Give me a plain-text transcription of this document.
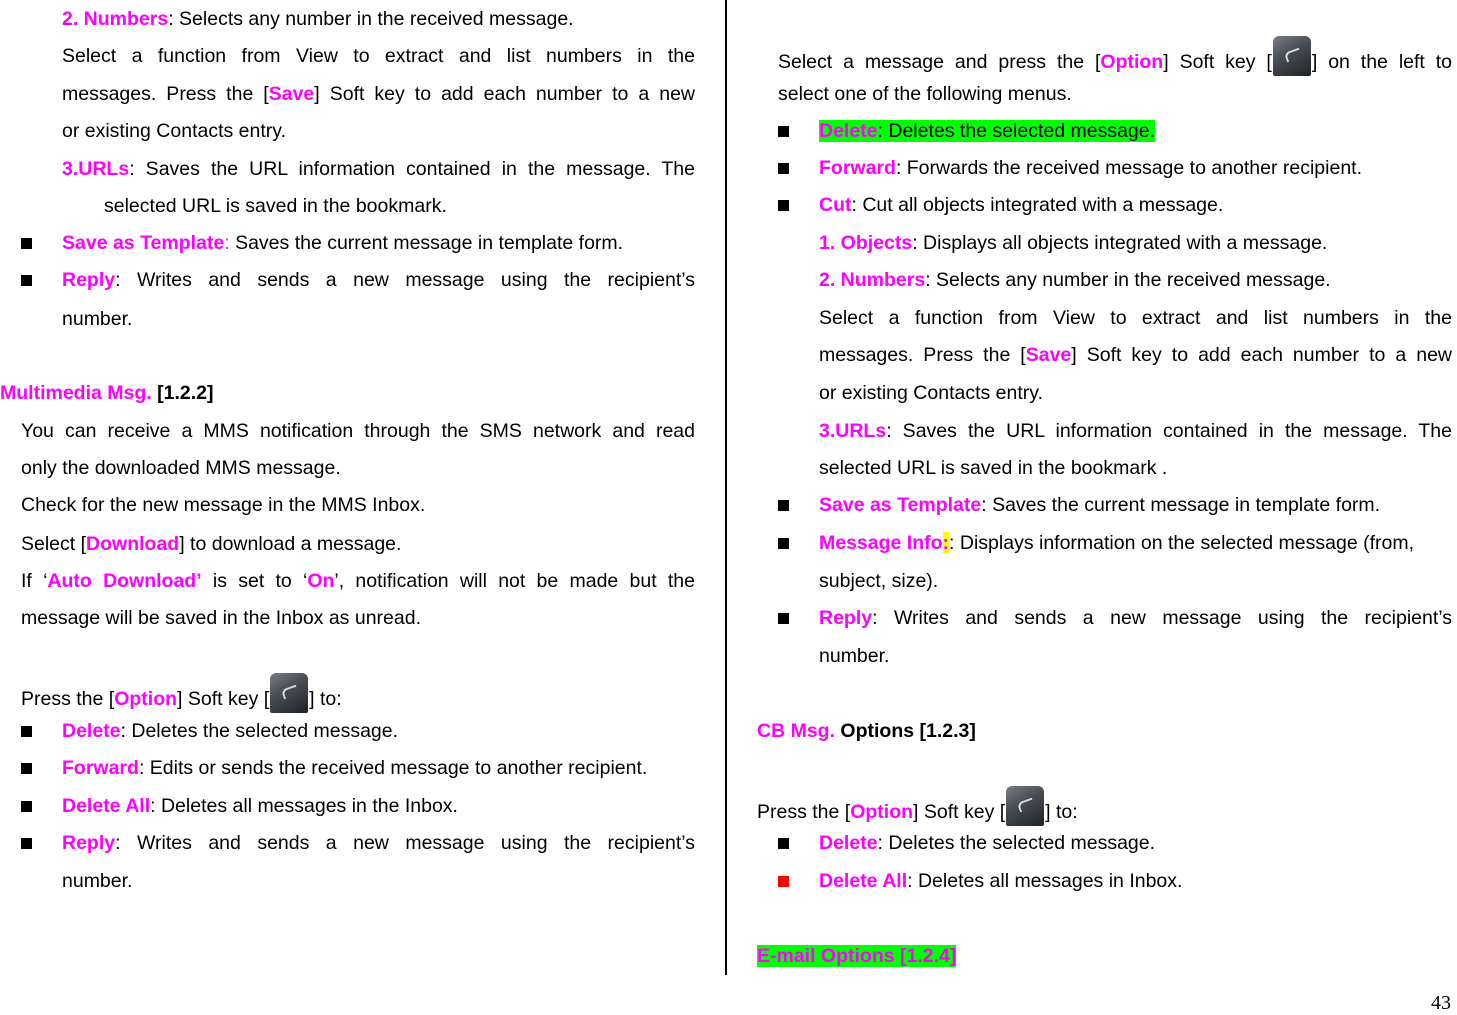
2. Numbers: Selects any number in the received message.
Select a function from View to extract and list numbers in the
messages. Press the [Save] Soft key to add each number to a new
or existing Contacts entry.
3.URLs: Saves the URL information contained in the message. The
selected URL is saved in the bookmark.
Save as Template: Saves the current message in template form.
Reply: Writes and sends a new message using the recipient’s
number.
Multimedia Msg. [1.2.2]
You can receive a MMS notification through the SMS network and read
only the downloaded MMS message.
Check for the new message in the MMS Inbox.
Select [Download] to download a message.
If ‘Auto Download’ is set to ‘On’, notification will not be made but the
message will be saved in the Inbox as unread.
Press the [Option] Soft key [ ] to:
Delete: Deletes the selected message.
Forward: Edits or sends the received message to another recipient.
Delete All: Deletes all messages in the Inbox.
Reply: Writes and sends a new message using the recipient’s
number.
Select a message and press the [Option] Soft key [ ] on the left to
select one of the following menus.
Delete: Deletes the selected message.
Forward: Forwards the received message to another recipient.
Cut: Cut all objects integrated with a message.
1. Objects: Displays all objects integrated with a message.
2. Numbers: Selects any number in the received message.
Select a function from View to extract and list numbers in the
messages. Press the [Save] Soft key to add each number to a new
or existing Contacts entry.
3.URLs: Saves the URL information contained in the message. The
selected URL is saved in the bookmark .
Save as Template: Saves the current message in template form.
Message Info:: Displays information on the selected message (from,
subject, size).
Reply: Writes and sends a new message using the recipient’s
number.
CB Msg. Options [1.2.3]
Press the [Option] Soft key [ ] to:
Delete: Deletes the selected message.
Delete All: Deletes all messages in Inbox.
E-mail Options [1.2.4]
43
